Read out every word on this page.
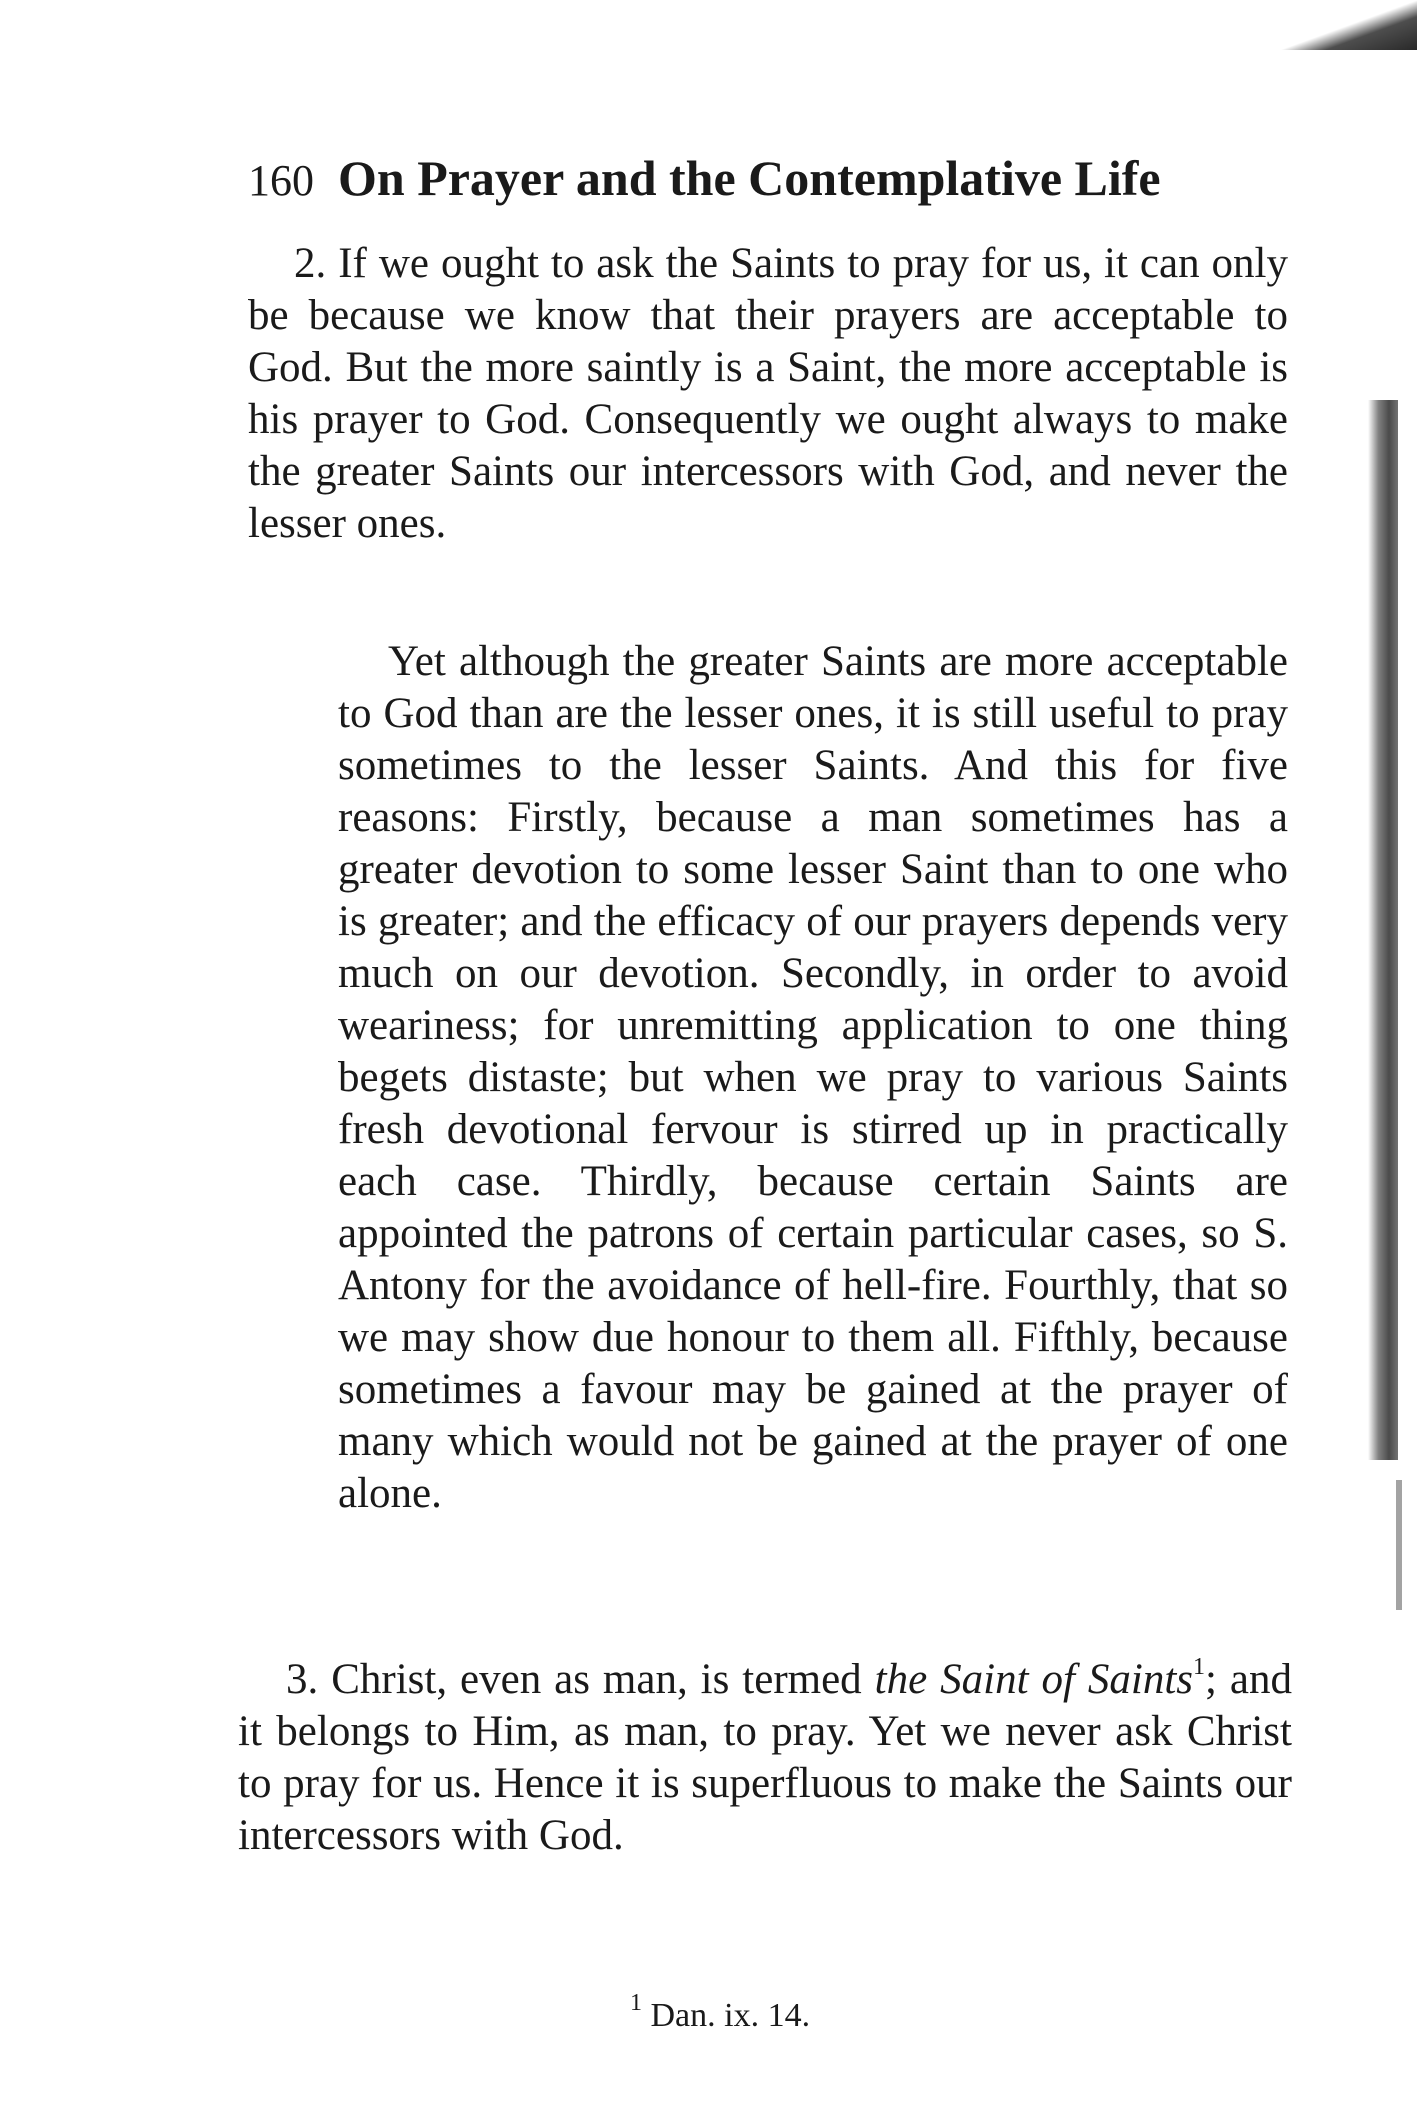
160 On Prayer and the Contemplative Life

2. If we ought to ask the Saints to pray for us, it can only be because we know that their prayers are acceptable to God. But the more saintly is a Saint, the more acceptable is his prayer to God. Consequently we ought always to make the greater Saints our intercessors with God, and never the lesser ones.

Yet although the greater Saints are more acceptable to God than are the lesser ones, it is still useful to pray sometimes to the lesser Saints. And this for five reasons: Firstly, because a man sometimes has a greater devotion to some lesser Saint than to one who is greater; and the efficacy of our prayers depends very much on our devotion. Secondly, in order to avoid weariness; for unremitting application to one thing begets distaste; but when we pray to various Saints fresh devotional fervour is stirred up in practically each case. Thirdly, because certain Saints are appointed the patrons of certain particular cases, so S. Antony for the avoidance of hell-fire. Fourthly, that so we may show due honour to them all. Fifthly, because sometimes a favour may be gained at the prayer of many which would not be gained at the prayer of one alone.

3. Christ, even as man, is termed the Saint of Saints$^1$; and it belongs to Him, as man, to pray. Yet we never ask Christ to pray for us. Hence it is superfluous to make the Saints our intercessors with God.

$^1$ Dan. ix. 14.
